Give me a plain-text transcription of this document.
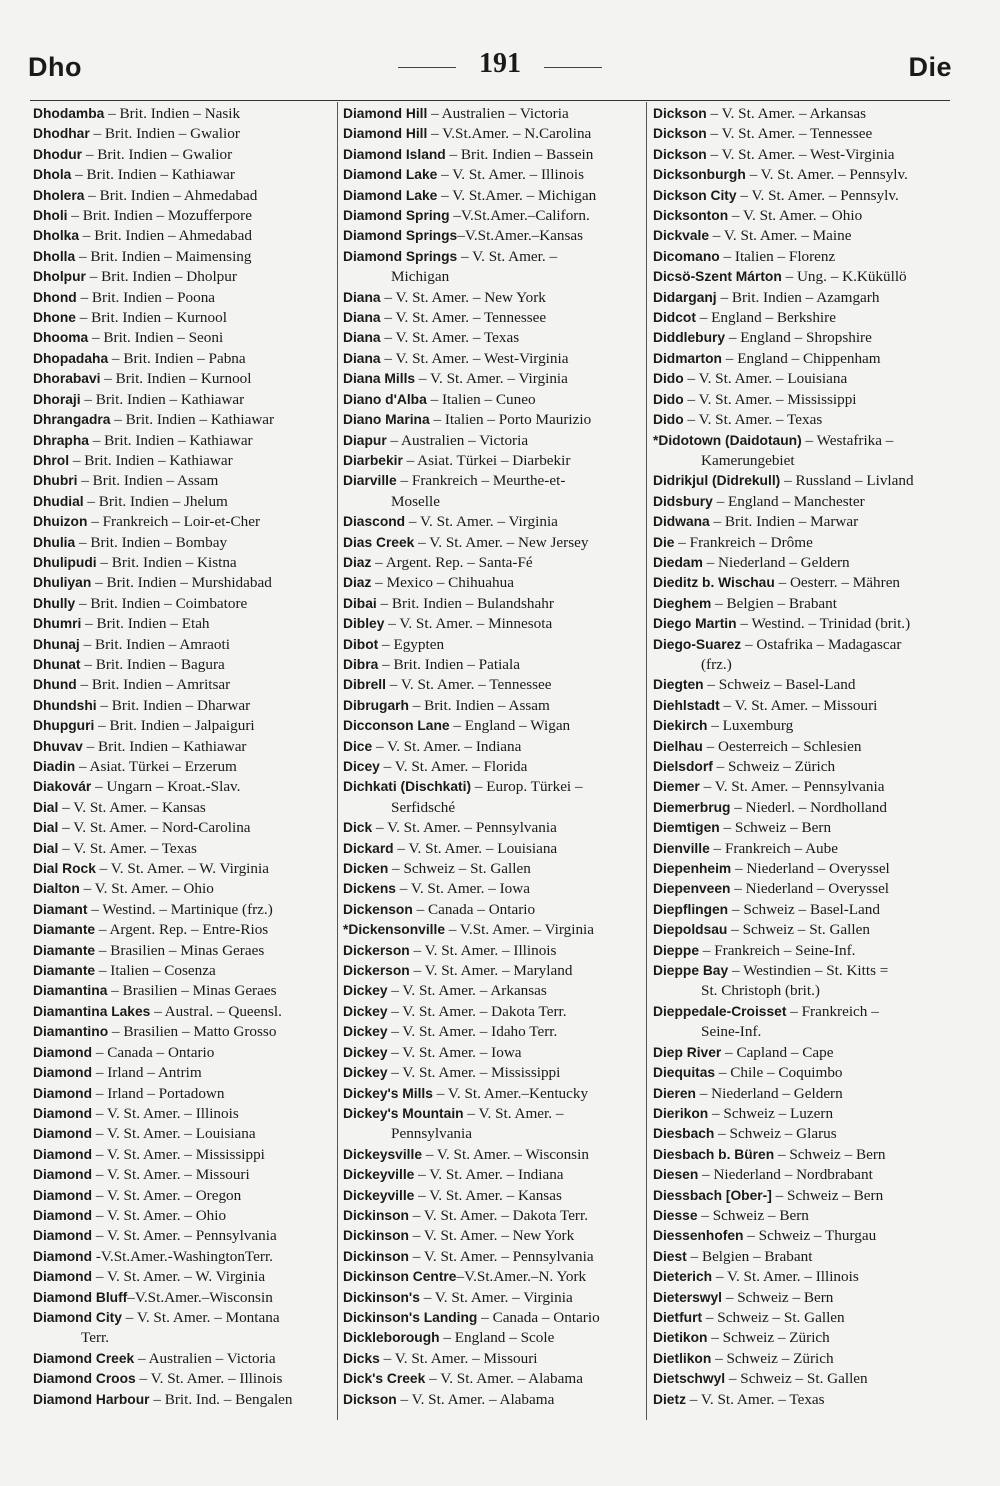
Dho	191	Die
Dhodamba – Brit. Indien – Nasik
Dhodhar – Brit. Indien – Gwalior
Dhodur – Brit. Indien – Gwalior
Dhola – Brit. Indien – Kathiawar
Dholera – Brit. Indien – Ahmedabad
Dholi – Brit. Indien – Mozufferpore
Dholka – Brit. Indien – Ahmedabad
Dholla – Brit. Indien – Maimensing
Dholpur – Brit. Indien – Dholpur
Dhond – Brit. Indien – Poona
Dhone – Brit. Indien – Kurnool
Dhooma – Brit. Indien – Seoni
Dhopadaha – Brit. Indien – Pabna
Dhorabavi – Brit. Indien – Kurnool
Dhoraji – Brit. Indien – Kathiawar
Dhrangadra – Brit. Indien – Kathiawar
Dhrapha – Brit. Indien – Kathiawar
Dhrol – Brit. Indien – Kathiawar
Dhubri – Brit. Indien – Assam
Dhudial – Brit. Indien – Jhelum
Dhuizon – Frankreich – Loir-et-Cher
Dhulia – Brit. Indien – Bombay
Dhulipudi – Brit. Indien – Kistna
Dhuliyan – Brit. Indien – Murshidabad
Dhully – Brit. Indien – Coimbatore
Dhumri – Brit. Indien – Etah
Dhunaj – Brit. Indien – Amraoti
Dhunat – Brit. Indien – Bagura
Dhund – Brit. Indien – Amritsar
Dhundshi – Brit. Indien – Dharwar
Dhupguri – Brit. Indien – Jalpaiguri
Dhuvav – Brit. Indien – Kathiawar
Diadin – Asiat. Türkei – Erzerum
Diakovár – Ungarn – Kroat.-Slav.
Dial – V. St. Amer. – Kansas
Dial – V. St. Amer. – Nord-Carolina
Dial – V. St. Amer. – Texas
Dial Rock – V. St. Amer. – W. Virginia
Dialton – V. St. Amer. – Ohio
Diamant – Westind. – Martinique (frz.)
Diamante – Argent. Rep. – Entre-Rios
Diamante – Brasilien – Minas Geraes
Diamante – Italien – Cosenza
Diamantina – Brasilien – Minas Geraes
Diamantina Lakes – Austral. – Queensl.
Diamantino – Brasilien – Matto Grosso
Diamond – Canada – Ontario
Diamond – Irland – Antrim
Diamond – Irland – Portadown
Diamond – V. St. Amer. – Illinois
Diamond – V. St. Amer. – Louisiana
Diamond – V. St. Amer. – Mississippi
Diamond – V. St. Amer. – Missouri
Diamond – V. St. Amer. – Oregon
Diamond – V. St. Amer. – Ohio
Diamond – V. St. Amer. – Pennsylvania
Diamond -V.St.Amer.-WashingtonTerr.
Diamond – V. St. Amer. – W. Virginia
Diamond Bluff–V.St.Amer.–Wisconsin
Diamond City – V. St. Amer. – Montana
Terr.
Diamond Creek – Australien – Victoria
Diamond Croos – V. St. Amer. – Illinois
Diamond Harbour – Brit. Ind. – Bengalen
Diamond Hill – Australien – Victoria
Diamond Hill – V.St.Amer. – N.Carolina
Diamond Island – Brit. Indien – Bassein
Diamond Lake – V. St. Amer. – Illinois
Diamond Lake – V. St.Amer. – Michigan
Diamond Spring –V.St.Amer.–Californ.
Diamond Springs–V.St.Amer.–Kansas
Diamond Springs – V. St. Amer. –
Michigan
Diana – V. St. Amer. – New York
Diana – V. St. Amer. – Tennessee
Diana – V. St. Amer. – Texas
Diana – V. St. Amer. – West-Virginia
Diana Mills – V. St. Amer. – Virginia
Diano d'Alba – Italien – Cuneo
Diano Marina – Italien – Porto Maurizio
Diapur – Australien – Victoria
Diarbekir – Asiat. Türkei – Diarbekir
Diarville – Frankreich – Meurthe-et-
Moselle
Diascond – V. St. Amer. – Virginia
Dias Creek – V. St. Amer. – New Jersey
Diaz – Argent. Rep. – Santa-Fé
Diaz – Mexico – Chihuahua
Dibai – Brit. Indien – Bulandshahr
Dibley – V. St. Amer. – Minnesota
Dibot – Egypten
Dibra – Brit. Indien – Patiala
Dibrell – V. St. Amer. – Tennessee
Dibrugarh – Brit. Indien – Assam
Dicconson Lane – England – Wigan
Dice – V. St. Amer. – Indiana
Dicey – V. St. Amer. – Florida
Dichkati (Dischkati) – Europ. Türkei –
Serfidsché
Dick – V. St. Amer. – Pennsylvania
Dickard – V. St. Amer. – Louisiana
Dicken – Schweiz – St. Gallen
Dickens – V. St. Amer. – Iowa
Dickenson – Canada – Ontario
*Dickensonville – V.St. Amer. – Virginia
Dickerson – V. St. Amer. – Illinois
Dickerson – V. St. Amer. – Maryland
Dickey – V. St. Amer. – Arkansas
Dickey – V. St. Amer. – Dakota Terr.
Dickey – V. St. Amer. – Idaho Terr.
Dickey – V. St. Amer. – Iowa
Dickey – V. St. Amer. – Mississippi
Dickey's Mills – V. St. Amer.–Kentucky
Dickey's Mountain – V. St. Amer. –
Pennsylvania
Dickeysville – V. St. Amer. – Wisconsin
Dickeyville – V. St. Amer. – Indiana
Dickeyville – V. St. Amer. – Kansas
Dickinson – V. St. Amer. – Dakota Terr.
Dickinson – V. St. Amer. – New York
Dickinson – V. St. Amer. – Pennsylvania
Dickinson Centre–V.St.Amer.–N. York
Dickinson's – V. St. Amer. – Virginia
Dickinson's Landing – Canada – Ontario
Dickleborough – England – Scole
Dicks – V. St. Amer. – Missouri
Dick's Creek – V. St. Amer. – Alabama
Dickson – V. St. Amer. – Alabama
Dickson – V. St. Amer. – Arkansas
Dickson – V. St. Amer. – Tennessee
Dickson – V. St. Amer. – West-Virginia
Dicksonburgh – V. St. Amer. – Pennsylv.
Dickson City – V. St. Amer. – Pennsylv.
Dicksonton – V. St. Amer. – Ohio
Dickvale – V. St. Amer. – Maine
Dicomano – Italien – Florenz
Dicsö-Szent Márton – Ung. – K.Küküllö
Didarganj – Brit. Indien – Azamgarh
Didcot – England – Berkshire
Diddlebury – England – Shropshire
Didmarton – England – Chippenham
Dido – V. St. Amer. – Louisiana
Dido – V. St. Amer. – Mississippi
Dido – V. St. Amer. – Texas
*Didotown (Daidotaun) – Westafrika –
Kamerungebiet
Didrikjul (Didrekull) – Russland – Livland
Didsbury – England – Manchester
Didwana – Brit. Indien – Marwar
Die – Frankreich – Drôme
Diedam – Niederland – Geldern
Dieditz b. Wischau – Oesterr. – Mähren
Dieghem – Belgien – Brabant
Diego Martin – Westind. – Trinidad (brit.)
Diego-Suarez – Ostafrika – Madagascar
(frz.)
Diegten – Schweiz – Basel-Land
Diehlstadt – V. St. Amer. – Missouri
Diekirch – Luxemburg
Dielhau – Oesterreich – Schlesien
Dielsdorf – Schweiz – Zürich
Diemer – V. St. Amer. – Pennsylvania
Diemerbrug – Niederl. – Nordholland
Diemtigen – Schweiz – Bern
Dienville – Frankreich – Aube
Diepenheim – Niederland – Overyssel
Diepenveen – Niederland – Overyssel
Diepflingen – Schweiz – Basel-Land
Diepoldsau – Schweiz – St. Gallen
Dieppe – Frankreich – Seine-Inf.
Dieppe Bay – Westindien – St. Kitts =
St. Christoph (brit.)
Dieppedale-Croisset – Frankreich –
Seine-Inf.
Diep River – Capland – Cape
Diequitas – Chile – Coquimbo
Dieren – Niederland – Geldern
Dierikon – Schweiz – Luzern
Diesbach – Schweiz – Glarus
Diesbach b. Büren – Schweiz – Bern
Diesen – Niederland – Nordbrabant
Diessbach [Ober-] – Schweiz – Bern
Diesse – Schweiz – Bern
Diessenhofen – Schweiz – Thurgau
Diest – Belgien – Brabant
Dieterich – V. St. Amer. – Illinois
Dieterswyl – Schweiz – Bern
Dietfurt – Schweiz – St. Gallen
Dietikon – Schweiz – Zürich
Dietlikon – Schweiz – Zürich
Dietschwyl – Schweiz – St. Gallen
Dietz – V. St. Amer. – Texas
